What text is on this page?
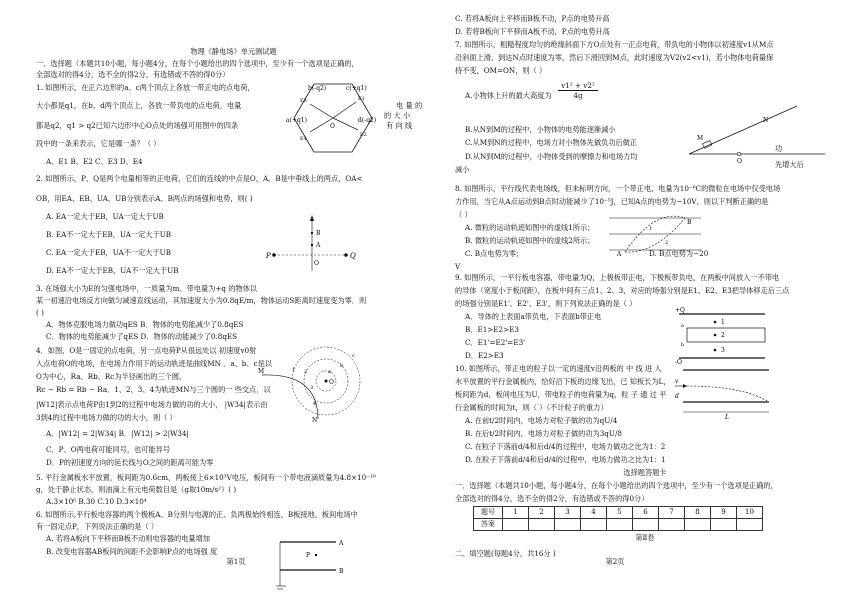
物理《静电场》单元测试题
一、选择题（本题共10小题，每小题4分，在每个小题给出的四个选项中，至少有一个选项是正确的，
全部选对的得4分，选不全的得2分，有选错或不答的得0分）
1. 如图所示，在正六边形的a、c两个顶点上各放一带正电的点电荷，
电 量 的
大小都是q1，在b、d两个顶点上，各放一带负电的点电荷，电量
都是q2，q1 > q2已知六边形中心O点处的场强可用图中的四条	有 向 线
段中的一条来表示，它是哪一条？（ ）
A、E1 B、E2 C、E3 D、E4
的 大 小
b(-q2)	c(+q1)
a(+q1)	d(-q2)
O
E1
E2
E3
E4
2. 如图所示，P、Q是两个电量相等的正电荷，它们的连线的中点是O，A、B是中垂线上的两点，OA<
OB，用EA、EB、UA、UB分别表示A、B两点的场强和电势，则( )
A. EA一定大于EB，UA一定大于UB
B. EA不一定大于EB，UA一定大于UB
C. EA一定大于EB，UA不一定大于UB
D. EA不一定大于EB，UA不一定大于UB
P	Q
A
B
O
3. 在场强大小为E的匀强电场中，一质量为m、带电量为+q 的物体以
某一初速沿电场反方向做匀减速直线运动，其加速度大小为0.8qE/m，物体运动S距离时速度变为零．则
( )
A．物体克服电场力做功qES B．物体的电势能减少了0.8qES
C．物体的电势能减少了qES D．物体的动能减少了0.8qES
4．如图，O是一固定的点电荷，另一点电荷P从很远处以 初速度v0射
入点电荷O的电场，在电场力作用下的运动轨迹是曲线MN ．a、b、c是以
O为中心，Ra、Rb、Rc为半径画出的三个圆，
Rc − Rb = Rb − Ra．1、2、3、4为轨迹MN与三个圆的一 些交点．以
|W12|表示点电荷P由1到2的过程中电场力做的功的大小， |W34|表示由
3到4的过程中电场力做的功的大小，则（ ）
A．|W12| = 2|W34| B．|W12| > 2|W34|
C．P、O两电荷可能同号，也可能异号
D．P的初速度方向的延长线与O之间的距离可能为零
M
N
O
a
b
c
1 2
3
4
5. 平行金属板水平放置，板间距为0.6cm，两板接上6×10³V电压，板间有一个带电液滴质量为4.8×10⁻¹⁰
g，处于静止状态，则油滴上有元电荷数目是（g取10m/s²）( )
A.3×10⁶ B.30 C.10 D.3×10⁴
6. 如图所示,平行板电容器的两个极板A、B分别与电源的正、负两极始终相连，B板接地，板间电场中
有一固定点P，下列说法正确的是（ ）
A. 若将A板向下平移而B板不动则电容器的电量增加
B. 改变电容器AB板间的间距不会影响P点的电场强 度	P
A
B
第1页
C. 若将A板向上平移而B板不动，P点的电势升高
D. 若将B板向下平移而A板不动，P点的电势升高
7. 如图所示，粗糙程度均匀的绝缘斜面下方O点处有一正点电荷，带负电的小物体以初速度v1从M点
沿斜面上滑，到达N点时速度为零，然后下滑回到M点，此时速度为V2(v2<v1)，若小物体电荷量保
持不变，OM=ON，则（ ）
A.小物体上升的最大高度为
v1² + v2²
4g
B.从N到M的过程中，小物体的电势能逐渐减小
C.从M到N的过程中，电场力对小物体先做负功后做正
功
D.从N到M的过程中，小物体受到的摩擦力和电场力均
先增大后
减小
M
N
O
8. 如图所示，平行线代表电场线，但未标明方向，一个带正电、电量为10⁻⁶C的微粒在电场中仅受电场
力作用，当它从A点运动到B点时动能减少了10⁻⁵J，已知A点的电势为−10V，则以下判断正确的是
（ ）
A. 微粒的运动轨迹如图中的虚线1所示；
B. 微粒的运动轨迹如图中的虚线2所示；
C. B点电势为零；	D. B点电势为−20
V
A
B
1
2
9. 如图所示，一平行板电容器，带电量为Q，上极板带正电，下极板带负电，在两板中间放入一不带电
的导体（宽度小于板间距），在板中间有三点1、2、3，对应的场强分别是E1、E2、E3把导体移走后三点
的场强分别是E1'、E2'、E3'，则下列说法正确的是（ ）
A．导体的上表面a带负电，下表面b带正电
B．E1>E2>E3
C．E1'=E2'=E3'
D．E2>E3
+Q
-Q
1
2
3
a
b
10. 如图所示，带正电的粒子以一定的速度v沿两板的 中 线 进 入
水平放置的平行金属板内，恰好沿下板的边缘飞出，已 知板长为L，
板间距为d，板间电压为U，带电粒子的电荷量为q，粒 子 通 过 平
行金属板的时间为t，则（ ）（不计粒子的重力）
A. 在前t/2时间内，电场力对粒子做的功为qU/4
B. 在后t/2时间内，电场力对粒子做的功为3qU/8
C. 在粒子下落前d/4和后d/4的过程中，电场力做功之比为1：2
D. 在粒子下落前d/4和后d/4的过程中，电场力做功之比为1：1
v
d
L
选择题答题卡
一．选择题（本题共10小题，每小题4分，在每个小题给出的四个选项中，至少有一个选项是正确的，
全部选对的得4分，选不全的得2分，有选错或不答的得0分）
题号	1	2	3	4	5	6	7	8	9	10
答案										
第Ⅱ卷
二、填空题(每题4分，共16分 )
第2页
